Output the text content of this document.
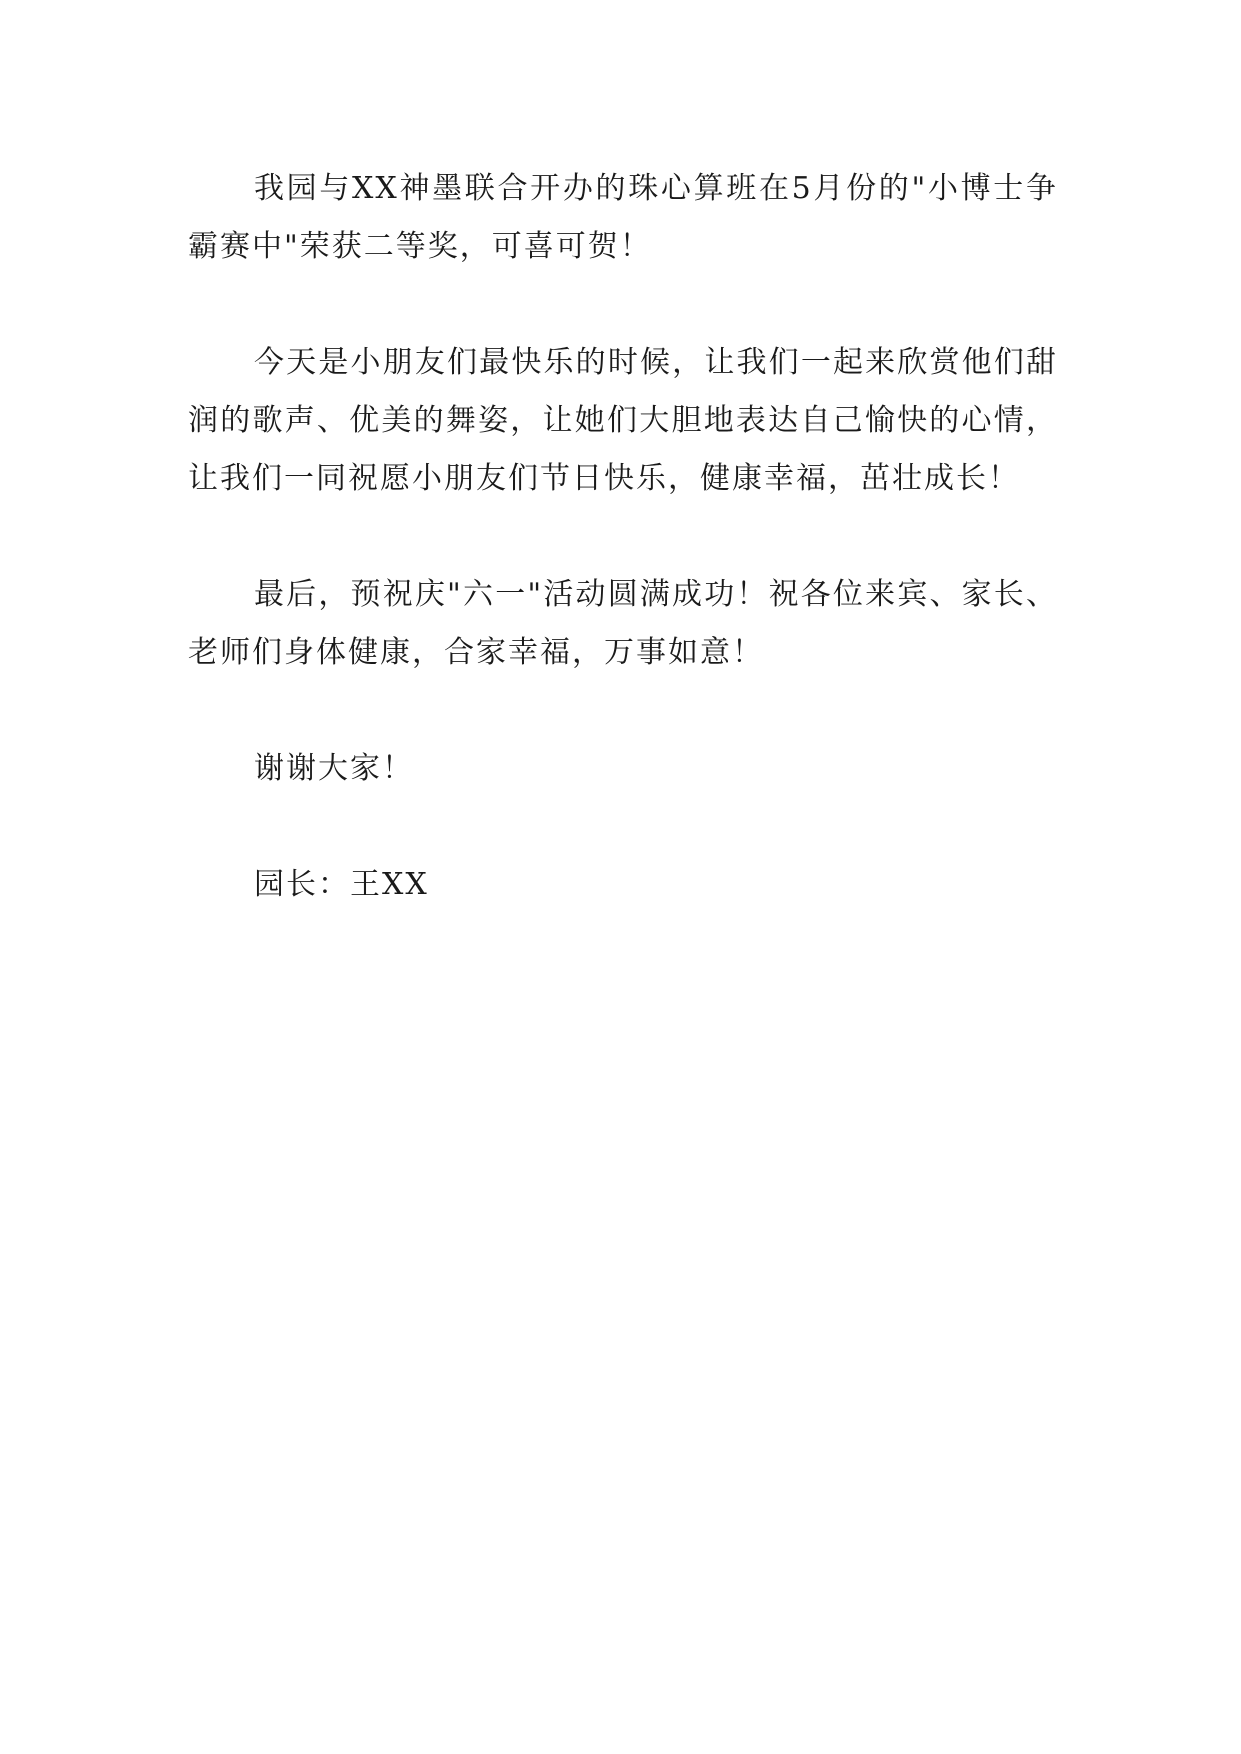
我园与XX神墨联合开办的珠心算班在5月份的"小博士争霸赛中"荣获二等奖，可喜可贺！

今天是小朋友们最快乐的时候，让我们一起来欣赏他们甜润的歌声、优美的舞姿，让她们大胆地表达自己愉快的心情， 让我们一同祝愿小朋友们节日快乐，健康幸福，茁壮成长！

最后，预祝庆"六一"活动圆满成功！祝各位来宾、家长、老师们身体健康，合家幸福，万事如意！

谢谢大家！

园长：王XX
